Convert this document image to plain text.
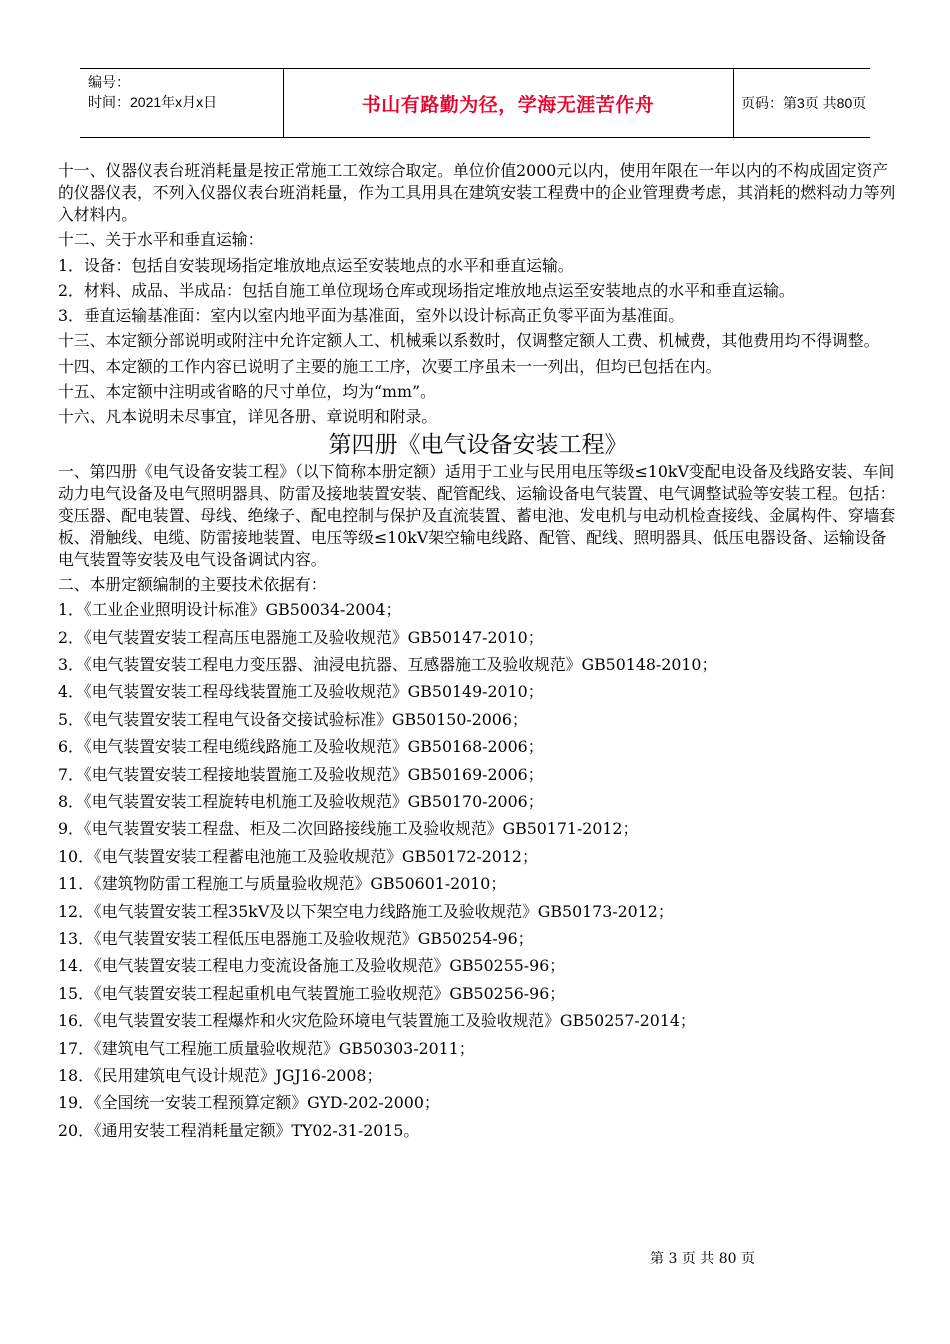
编号：
时间：2021年x月x日	书山有路勤为径，学海无涯苦作舟	页码：第3页 共80页
十一、仪器仪表台班消耗量是按正常施工工效综合取定。单位价值2000元以内，使用年限在一年以内的不构成固定资产的仪器仪表，不列入仪器仪表台班消耗量，作为工具用具在建筑安装工程费中的企业管理费考虑，其消耗的燃料动力等列入材料内。
十二、关于水平和垂直运输：
1．设备：包括自安装现场指定堆放地点运至安装地点的水平和垂直运输。
2．材料、成品、半成品：包括自施工单位现场仓库或现场指定堆放地点运至安装地点的水平和垂直运输。
3．垂直运输基准面：室内以室内地平面为基准面，室外以设计标高正负零平面为基准面。
十三、本定额分部说明或附注中允许定额人工、机械乘以系数时，仅调整定额人工费、机械费，其他费用均不得调整。
十四、本定额的工作内容已说明了主要的施工工序，次要工序虽未一一列出，但均已包括在内。
十五、本定额中注明或省略的尺寸单位，均为“mm”。
十六、凡本说明未尽事宜，详见各册、章说明和附录。
第四册《电气设备安装工程》
一、第四册《电气设备安装工程》（以下简称本册定额）适用于工业与民用电压等级≤10kV变配电设备及线路安装、车间动力电气设备及电气照明器具、防雷及接地装置安装、配管配线、运输设备电气装置、电气调整试验等安装工程。包括：变压器、配电装置、母线、绝缘子、配电控制与保护及直流装置、蓄电池、发电机与电动机检查接线、金属构件、穿墙套板、滑触线、电缆、防雷接地装置、电压等级≤10kV架空输电线路、配管、配线、照明器具、低压电器设备、运输设备电气装置等安装及电气设备调试内容。
二、本册定额编制的主要技术依据有：
1．《工业企业照明设计标准》GB50034-2004；
2．《电气装置安装工程高压电器施工及验收规范》GB50147-2010；
3．《电气装置安装工程电力变压器、油浸电抗器、互感器施工及验收规范》GB50148-2010；
4．《电气装置安装工程母线装置施工及验收规范》GB50149-2010；
5．《电气装置安装工程电气设备交接试验标准》GB50150-2006；
6．《电气装置安装工程电缆线路施工及验收规范》GB50168-2006；
7．《电气装置安装工程接地装置施工及验收规范》GB50169-2006；
8．《电气装置安装工程旋转电机施工及验收规范》GB50170-2006；
9．《电气装置安装工程盘、柜及二次回路接线施工及验收规范》GB50171-2012；
10．《电气装置安装工程蓄电池施工及验收规范》GB50172-2012；
11．《建筑物防雷工程施工与质量验收规范》GB50601-2010；
12．《电气装置安装工程35kV及以下架空电力线路施工及验收规范》GB50173-2012；
13．《电气装置安装工程低压电器施工及验收规范》GB50254-96；
14．《电气装置安装工程电力变流设备施工及验收规范》GB50255-96；
15．《电气装置安装工程起重机电气装置施工验收规范》GB50256-96；
16．《电气装置安装工程爆炸和火灾危险环境电气装置施工及验收规范》GB50257-2014；
17．《建筑电气工程施工质量验收规范》GB50303-2011；
18．《民用建筑电气设计规范》JGJ16-2008；
19．《全国统一安装工程预算定额》GYD-202-2000；
20．《通用安装工程消耗量定额》TY02-31-2015。
第 3 页 共 80 页
